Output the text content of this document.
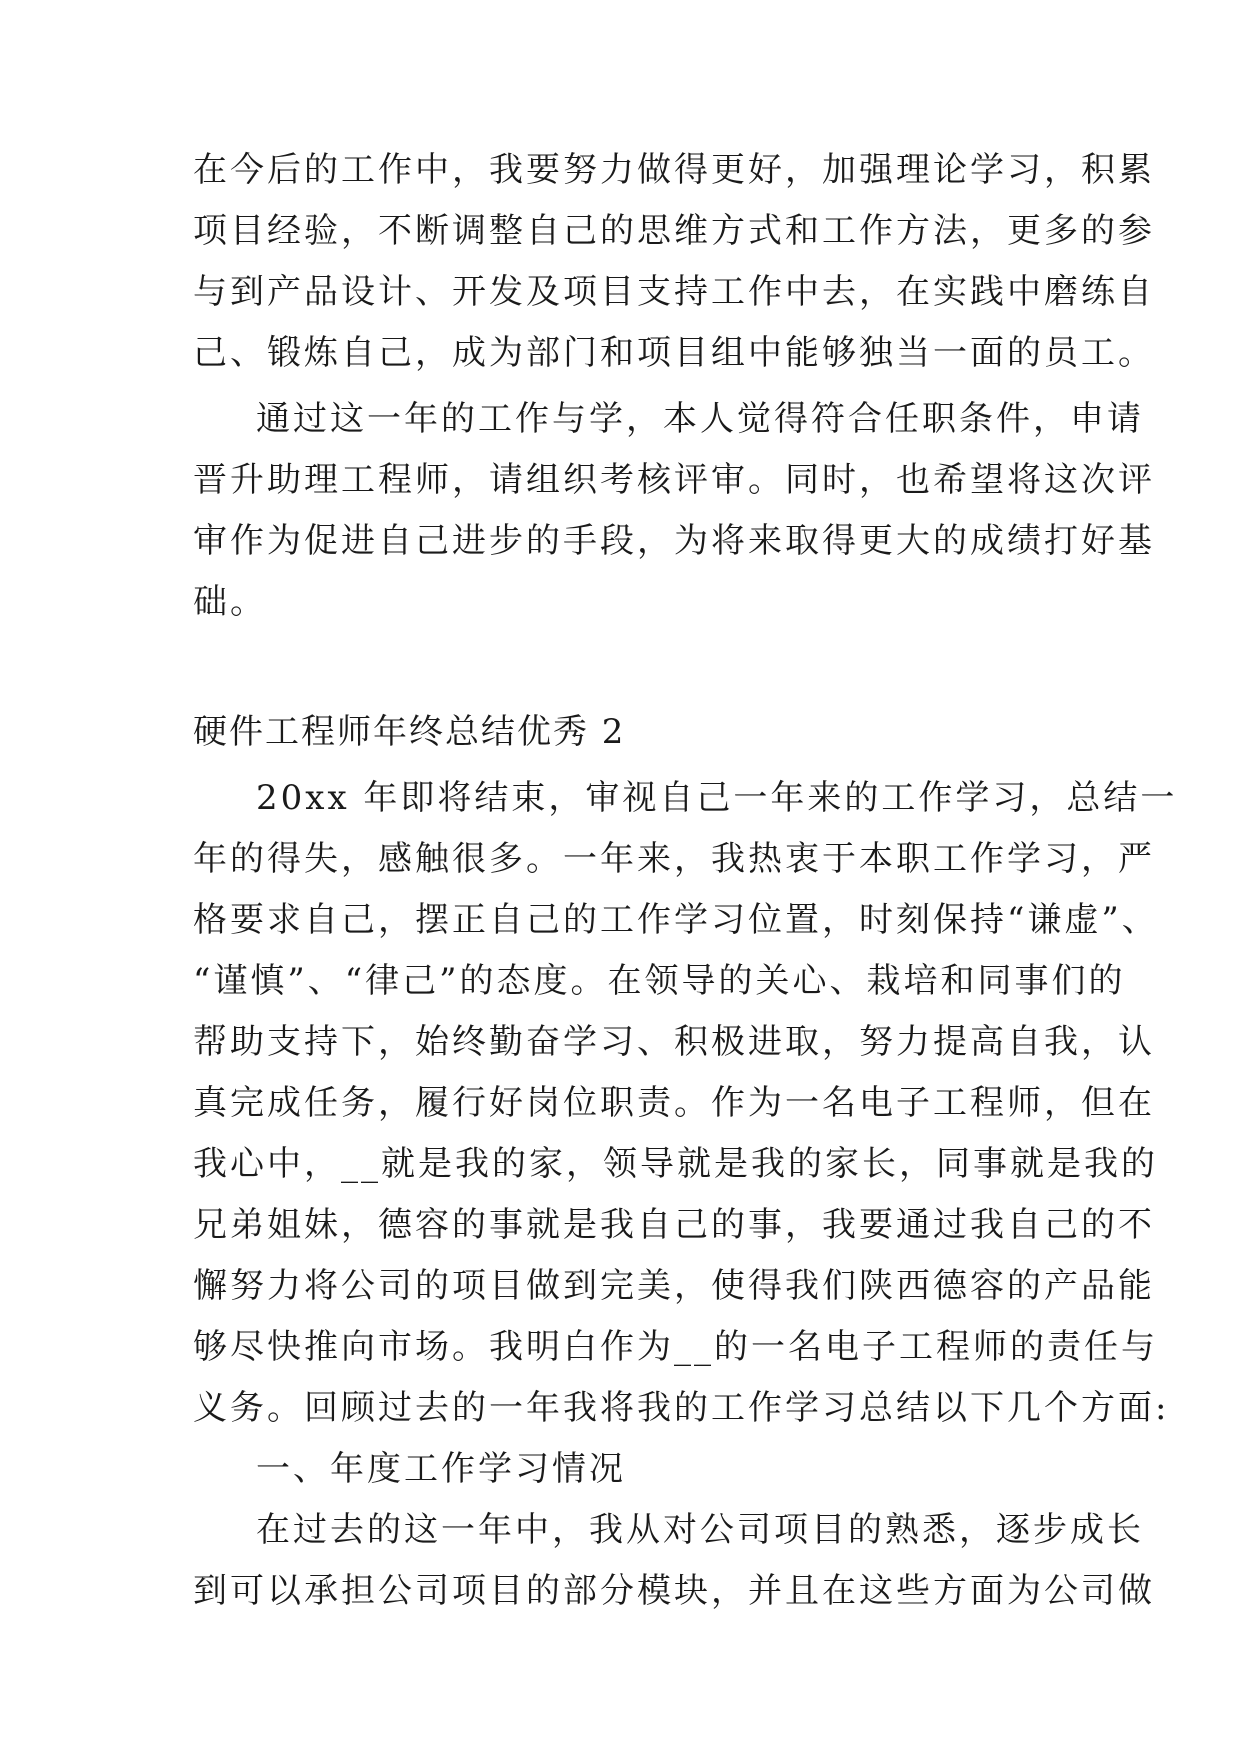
在今后的工作中，我要努力做得更好，加强理论学习，积累
项目经验，不断调整自己的思维方式和工作方法，更多的参
与到产品设计、开发及项目支持工作中去，在实践中磨练自
己、锻炼自己，成为部门和项目组中能够独当一面的员工。
通过这一年的工作与学，本人觉得符合任职条件，申请
晋升助理工程师，请组织考核评审。同时，也希望将这次评
审作为促进自己进步的手段，为将来取得更大的成绩打好基
础。
硬件工程师年终总结优秀 2
20xx 年即将结束，审视自己一年来的工作学习，总结一
年的得失，感触很多。一年来，我热衷于本职工作学习，严
格要求自己，摆正自己的工作学习位置，时刻保持“谦虚”、
“谨慎”、“律己”的态度。在领导的关心、栽培和同事们的
帮助支持下，始终勤奋学习、积极进取，努力提高自我，认
真完成任务，履行好岗位职责。作为一名电子工程师，但在
我心中，__就是我的家，领导就是我的家长，同事就是我的
兄弟姐妹，德容的事就是我自己的事，我要通过我自己的不
懈努力将公司的项目做到完美，使得我们陕西德容的产品能
够尽快推向市场。我明白作为__的一名电子工程师的责任与
义务。回顾过去的一年我将我的工作学习总结以下几个方面:
一、年度工作学习情况
在过去的这一年中，我从对公司项目的熟悉，逐步成长
到可以承担公司项目的部分模块，并且在这些方面为公司做
